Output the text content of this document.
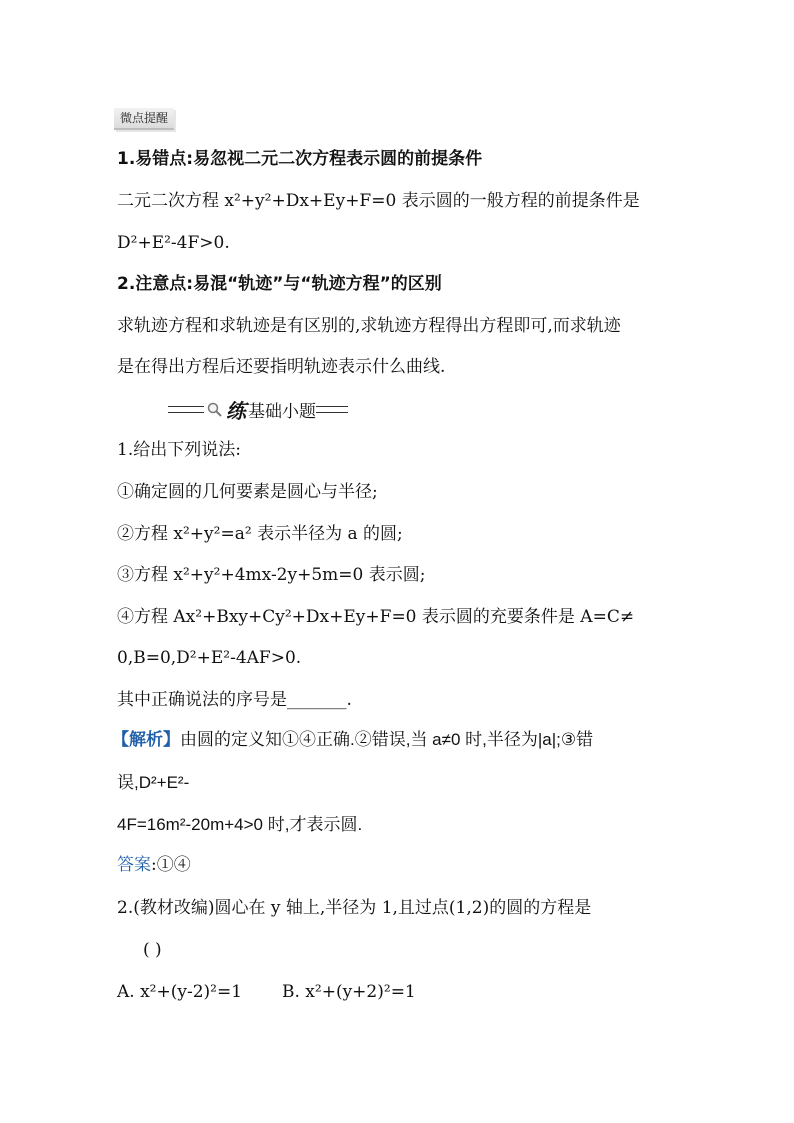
微点提醒
1.易错点:易忽视二元二次方程表示圆的前提条件
二元二次方程 x²+y²+Dx+Ey+F=0 表示圆的一般方程的前提条件是
D²+E²-4F>0.
2.注意点:易混“轨迹”与“轨迹方程”的区别
求轨迹方程和求轨迹是有区别的,求轨迹方程得出方程即可,而求轨迹
是在得出方程后还要指明轨迹表示什么曲线.
练 基础小题
1.给出下列说法:
①确定圆的几何要素是圆心与半径;
②方程 x²+y²=a² 表示半径为 a 的圆;
③方程 x²+y²+4mx-2y+5m=0 表示圆;
④方程 Ax²+Bxy+Cy²+Dx+Ey+F=0 表示圆的充要条件是 A=C≠
0,B=0,D²+E²-4AF>0.
其中正确说法的序号是_______.
【解析】由圆的定义知①④正确.②错误,当 a≠0 时,半径为|a|;③错
误,D²+E²-
4F=16m²-20m+4>0 时,才表示圆.
答案:①④
2.(教材改编)圆心在 y 轴上,半径为 1,且过点(1,2)的圆的方程是
( )
A. x²+(y-2)²=1 B. x²+(y+2)²=1
